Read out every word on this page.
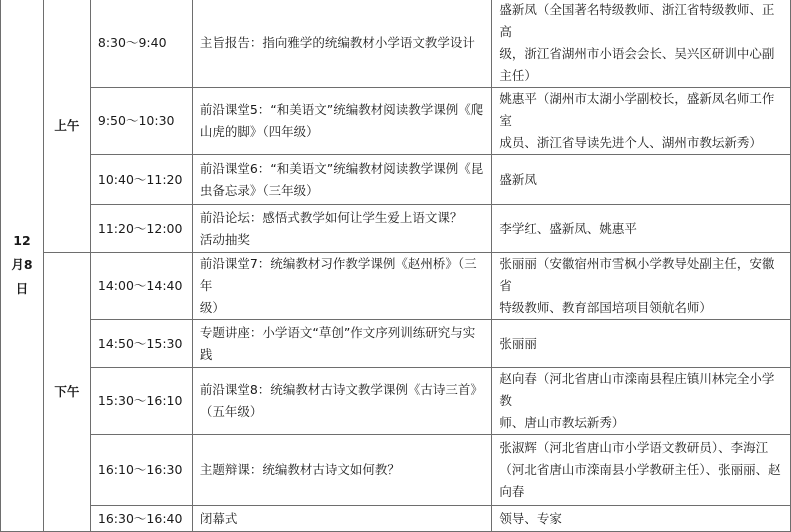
12
月8
日	上午	8:30～9:40	主旨报告：指向雅学的统编教材小学语文教学设计	盛新凤（全国著名特级教师、浙江省特级教师、正高
级，浙江省湖州市小语会会长、吴兴区研训中心副
主任）

		9:50～10:30	前沿课堂5：“和美语文”统编教材阅读教学课例《爬
山虎的脚》（四年级）	姚惠平（湖州市太湖小学副校长，盛新凤名师工作室
成员、浙江省导读先进个人、湖州市教坛新秀）

		10:40～11:20	前沿课堂6：“和美语文”统编教材阅读教学课例《昆
虫备忘录》（三年级）	盛新凤

		11:20～12:00	前沿论坛：感悟式教学如何让学生爱上语文课？
活动抽奖	李学红、盛新凤、姚惠平

	下午	14:00～14:40	前沿课堂7：统编教材习作教学课例《赵州桥》（三年
级）	张丽丽（安徽宿州市雪枫小学教导处副主任，安徽省
特级教师、教育部国培项目领航名师）

		14:50～15:30	专题讲座：小学语文“草创”作文序列训练研究与实
践	张丽丽

		15:30～16:10	前沿课堂8：统编教材古诗文教学课例《古诗三首》
（五年级）	赵向春（河北省唐山市滦南县程庄镇川林完全小学教
师、唐山市教坛新秀）

		16:10～16:30	主题辩课：统编教材古诗文如何教？	张淑辉（河北省唐山市小学语文教研员）、李海江
（河北省唐山市滦南县小学教研主任）、张丽丽、赵
向春

		16:30～16:40	闭幕式	领导、专家
